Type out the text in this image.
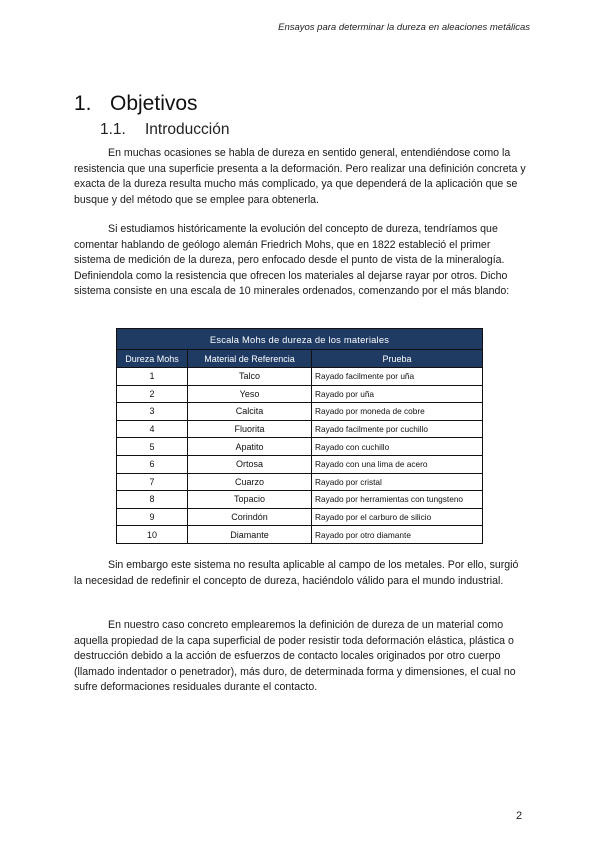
Ensayos para determinar la dureza en aleaciones metálicas
1. Objetivos
1.1. Introducción

En muchas ocasiones se habla de dureza en sentido general, entendiéndose como la resistencia que una superficie presenta a la deformación. Pero realizar una definición concreta y exacta de la dureza resulta mucho más complicado, ya que dependerá de la aplicación que se busque y del método que se emplee para obtenerla.

Si estudiamos históricamente la evolución del concepto de dureza, tendríamos que comentar hablando de geólogo alemán Friedrich Mohs, que en 1822 estableció el primer sistema de medición de la dureza, pero enfocado desde el punto de vista de la mineralogía. Definiendola como la resistencia que ofrecen los materiales al dejarse rayar por otros. Dicho sistema consiste en una escala de 10 minerales ordenados, comenzando por el más blando:

Escala Mohs de dureza de los materiales		
Dureza Mohs	Material de Referencia	Prueba
1	Talco	Rayado facilmente por uña
2	Yeso	Rayado por uña
3	Calcita	Rayado por moneda de cobre
4	Fluorita	Rayado facilmente por cuchillo
5	Apatito	Rayado con cuchillo
6	Ortosa	Rayado con una lima de acero
7	Cuarzo	Rayado por cristal
8	Topacio	Rayado por herramientas con tungsteno
9	Corindón	Rayado por el carburo de silicio
10	Diamante	Rayado por otro diamante

Sin embargo este sistema no resulta aplicable al campo de los metales. Por ello, surgió la necesidad de redefinir el concepto de dureza, haciéndolo válido para el mundo industrial.

En nuestro caso concreto emplearemos la definición de dureza de un material como aquella propiedad de la capa superficial de poder resistir toda deformación elástica, plástica o destrucción debido a la acción de esfuerzos de contacto locales originados por otro cuerpo (llamado indentador o penetrador), más duro, de determinada forma y dimensiones, el cual no sufre deformaciones residuales durante el contacto.

2
